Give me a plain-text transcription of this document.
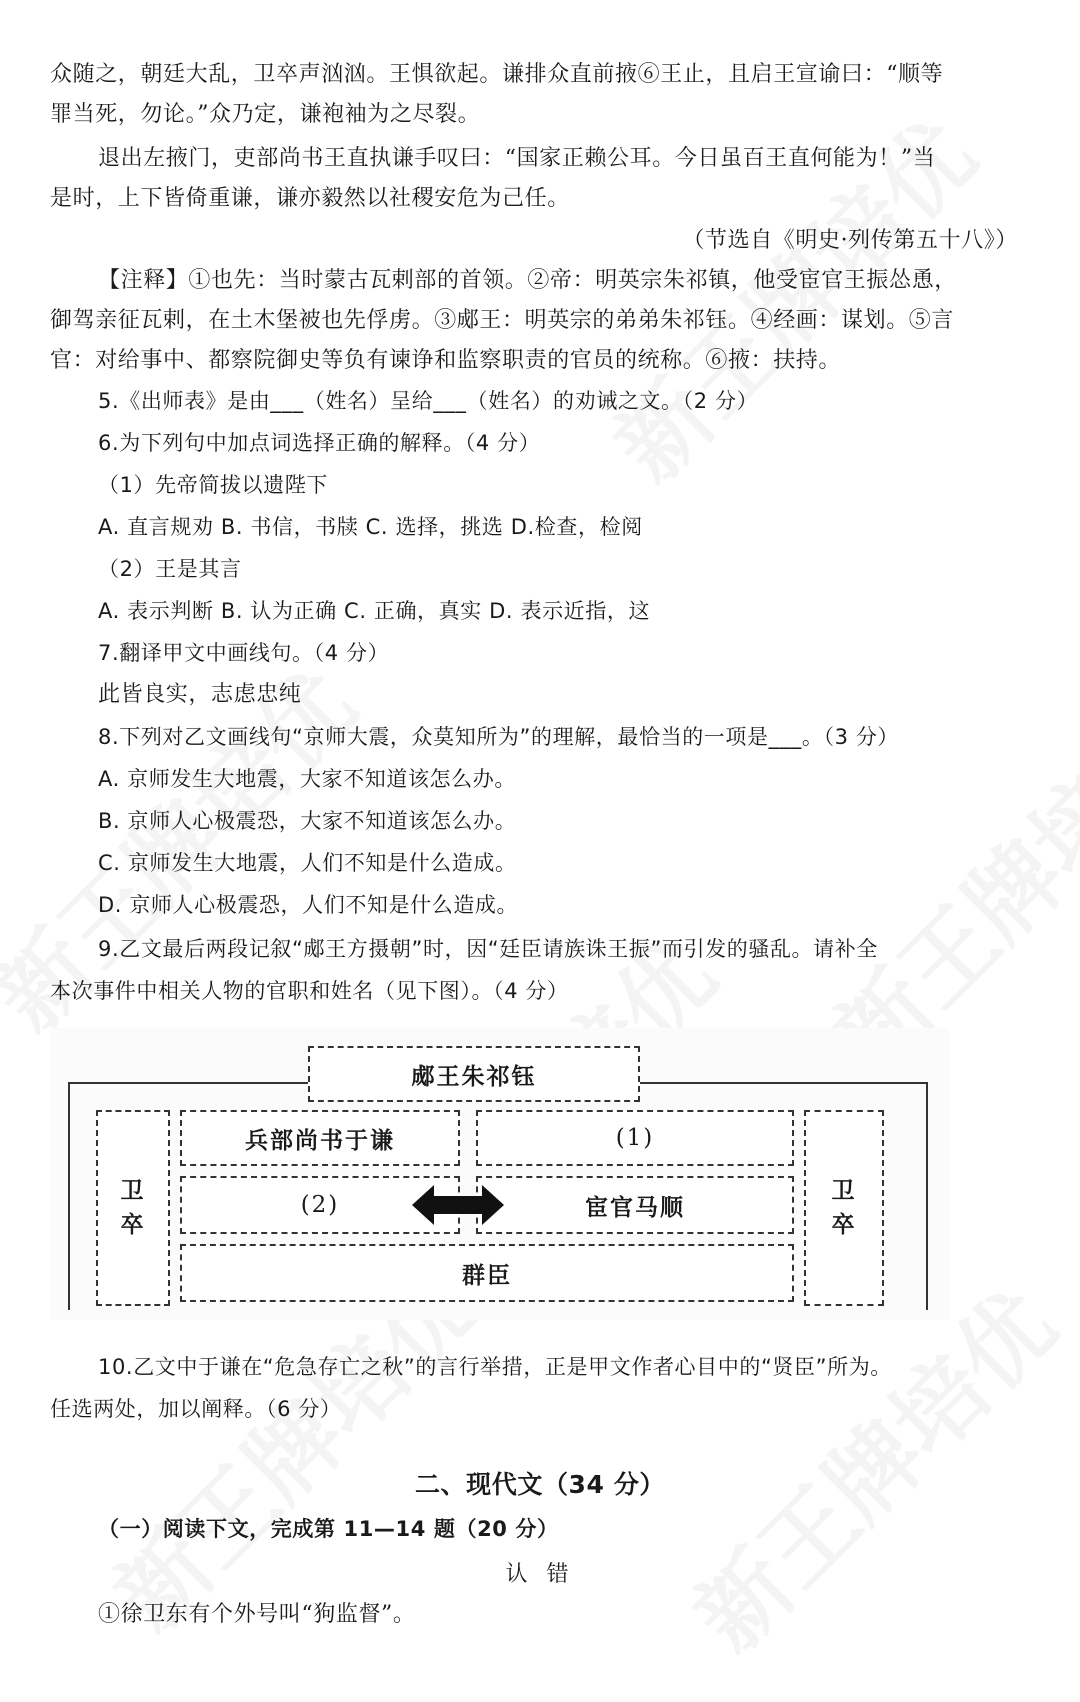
众随之，朝廷大乱，卫卒声汹汹。王惧欲起。谦排众直前掖⑥王止，且启王宣谕曰：“顺等
罪当死，勿论。”众乃定，谦袍袖为之尽裂。
退出左掖门，吏部尚书王直执谦手叹曰：“国家正赖公耳。今日虽百王直何能为！”当
是时，上下皆倚重谦，谦亦毅然以社稷安危为己任。
（节选自《明史·列传第五十八》）
【注释】①也先：当时蒙古瓦剌部的首领。②帝：明英宗朱祁镇，他受宦官王振怂恿，
御驾亲征瓦剌，在土木堡被也先俘虏。③郕王：明英宗的弟弟朱祁钰。④经画：谋划。⑤言
官：对给事中、都察院御史等负有谏诤和监察职责的官员的统称。⑥掖：扶持。
5.《出师表》是由___（姓名）呈给___（姓名）的劝诫之文。（2 分）
6.为下列句中加点词选择正确的解释。（4 分）
（1）先帝简拔以遗陛下
A. 直言规劝 B. 书信，书牍 C. 选择，挑选 D.检查，检阅
（2）王是其言
A. 表示判断 B. 认为正确 C. 正确，真实 D. 表示近指，这
7.翻译甲文中画线句。（4 分）
此皆良实，志虑忠纯
8.下列对乙文画线句“京师大震，众莫知所为”的理解，最恰当的一项是___。（3 分）
A. 京师发生大地震，大家不知道该怎么办。
B. 京师人心极震恐，大家不知道该怎么办。
C. 京师发生大地震，人们不知是什么造成。
D. 京师人心极震恐，人们不知是什么造成。
9.乙文最后两段记叙“郕王方摄朝”时，因“廷臣请族诛王振”而引发的骚乱。请补全
本次事件中相关人物的官职和姓名（见下图）。（4 分）
郕王朱祁钰
卫
卒
卫
卒
兵部尚书于谦	(1)
(2)	宦官马顺
群臣
10.乙文中于谦在“危急存亡之秋”的言行举措，正是甲文作者心目中的“贤臣”所为。
任选两处，加以阐释。（6 分）
二、现代文（34 分）
（一）阅读下文，完成第 11—14 题（20 分）
认 错
①徐卫东有个外号叫“狗监督”。
